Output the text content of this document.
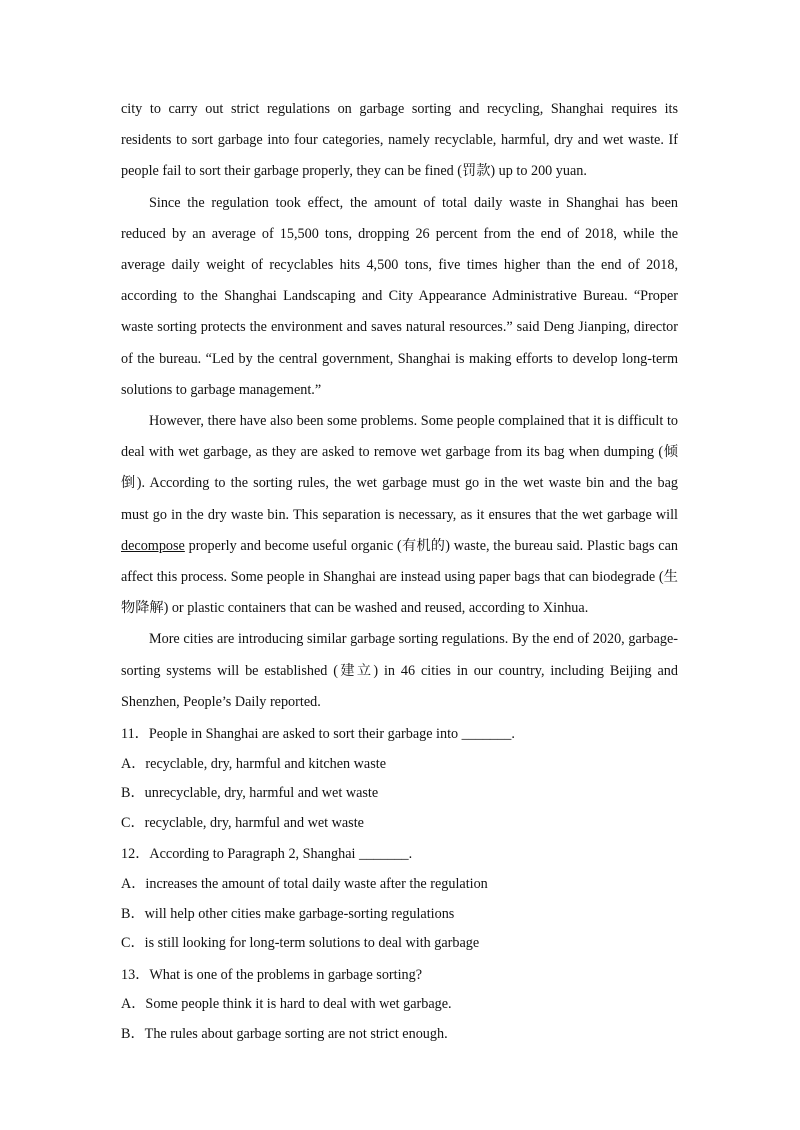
city to carry out strict regulations on garbage sorting and recycling, Shanghai requires its residents to sort garbage into four categories, namely recyclable, harmful, dry and wet waste. If people fail to sort their garbage properly, they can be fined (罚款) up to 200 yuan.

Since the regulation took effect, the amount of total daily waste in Shanghai has been reduced by an average of 15,500 tons, dropping 26 percent from the end of 2018, while the average daily weight of recyclables hits 4,500 tons, five times higher than the end of 2018, according to the Shanghai Landscaping and City Appearance Administrative Bureau. “Proper waste sorting protects the environment and saves natural resources.” said Deng Jianping, director of the bureau. “Led by the central government, Shanghai is making efforts to develop long-term solutions to garbage management.”

However, there have also been some problems. Some people complained that it is difficult to deal with wet garbage, as they are asked to remove wet garbage from its bag when dumping (倾倒). According to the sorting rules, the wet garbage must go in the wet waste bin and the bag must go in the dry waste bin. This separation is necessary, as it ensures that the wet garbage will decompose properly and become useful organic (有机的) waste, the bureau said. Plastic bags can affect this process. Some people in Shanghai are instead using paper bags that can biodegrade (生物降解) or plastic containers that can be washed and reused, according to Xinhua.

More cities are introducing similar garbage sorting regulations. By the end of 2020, garbage-sorting systems will be established (建立) in 46 cities in our country, including Beijing and Shenzhen, People’s Daily reported.

11．People in Shanghai are asked to sort their garbage into _______.

A．recyclable, dry, harmful and kitchen waste

B．unrecyclable, dry, harmful and wet waste

C．recyclable, dry, harmful and wet waste

12．According to Paragraph 2, Shanghai _______.

A．increases the amount of total daily waste after the regulation

B．will help other cities make garbage-sorting regulations

C．is still looking for long-term solutions to deal with garbage

13．What is one of the problems in garbage sorting?

A．Some people think it is hard to deal with wet garbage.

B．The rules about garbage sorting are not strict enough.
